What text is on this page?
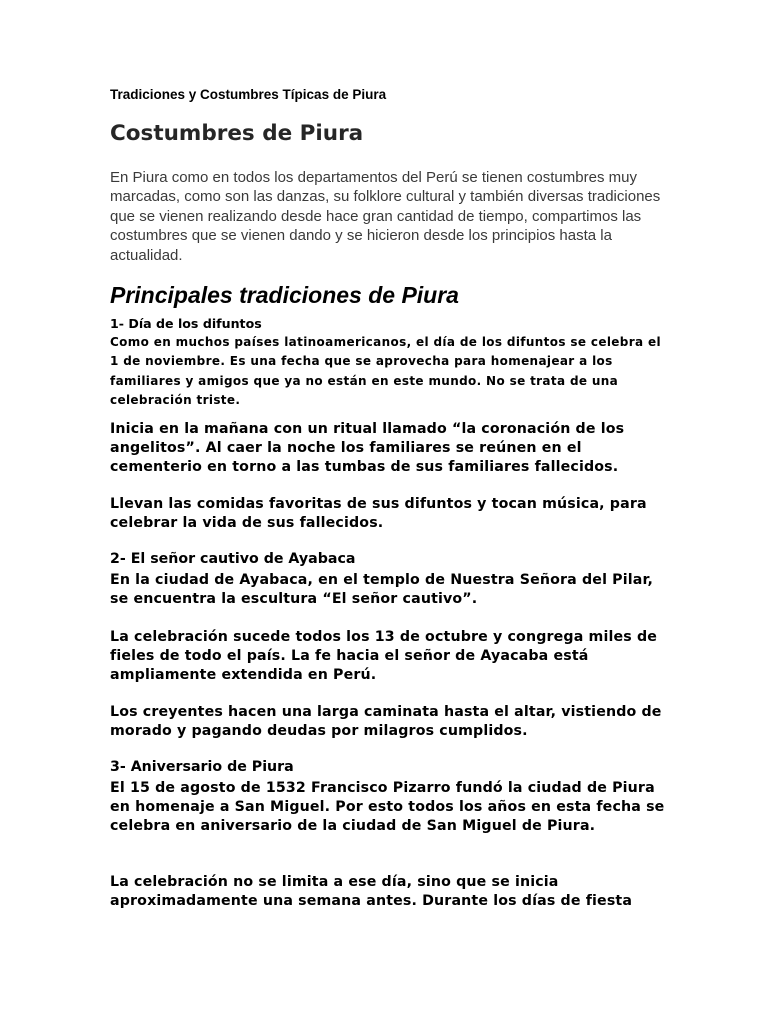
Tradiciones y Costumbres Típicas de Piura
Costumbres de Piura

En Piura como en todos los departamentos del Perú se tienen costumbres muy marcadas, como son las danzas, su folklore cultural y también diversas tradiciones que se vienen realizando desde hace gran cantidad de tiempo, compartimos las costumbres que se vienen dando y se hicieron desde los principios hasta la actualidad.

Principales tradiciones de Piura
1- Día de los difuntos

Como en muchos países latinoamericanos, el día de los difuntos se celebra el 1 de noviembre. Es una fecha que se aprovecha para homenajear a los familiares y amigos que ya no están en este mundo. No se trata de una celebración triste.

Inicia en la mañana con un ritual llamado “la coronación de los angelitos”. Al caer la noche los familiares se reúnen en el cementerio en torno a las tumbas de sus familiares fallecidos.

Llevan las comidas favoritas de sus difuntos y tocan música, para celebrar la vida de sus fallecidos.

2- El señor cautivo de Ayabaca

En la ciudad de Ayabaca, en el templo de Nuestra Señora del Pilar, se encuentra la escultura “El señor cautivo”.

La celebración sucede todos los 13 de octubre y congrega miles de fieles de todo el país. La fe hacia el señor de Ayacaba está ampliamente extendida en Perú.

Los creyentes hacen una larga caminata hasta el altar, vistiendo de morado y pagando deudas por milagros cumplidos.

3- Aniversario de Piura

El 15 de agosto de 1532 Francisco Pizarro fundó la ciudad de Piura en homenaje a San Miguel. Por esto todos los años en esta fecha se celebra en aniversario de la ciudad de San Miguel de Piura.

La celebración no se limita a ese día, sino que se inicia aproximadamente una semana antes. Durante los días de fiesta
